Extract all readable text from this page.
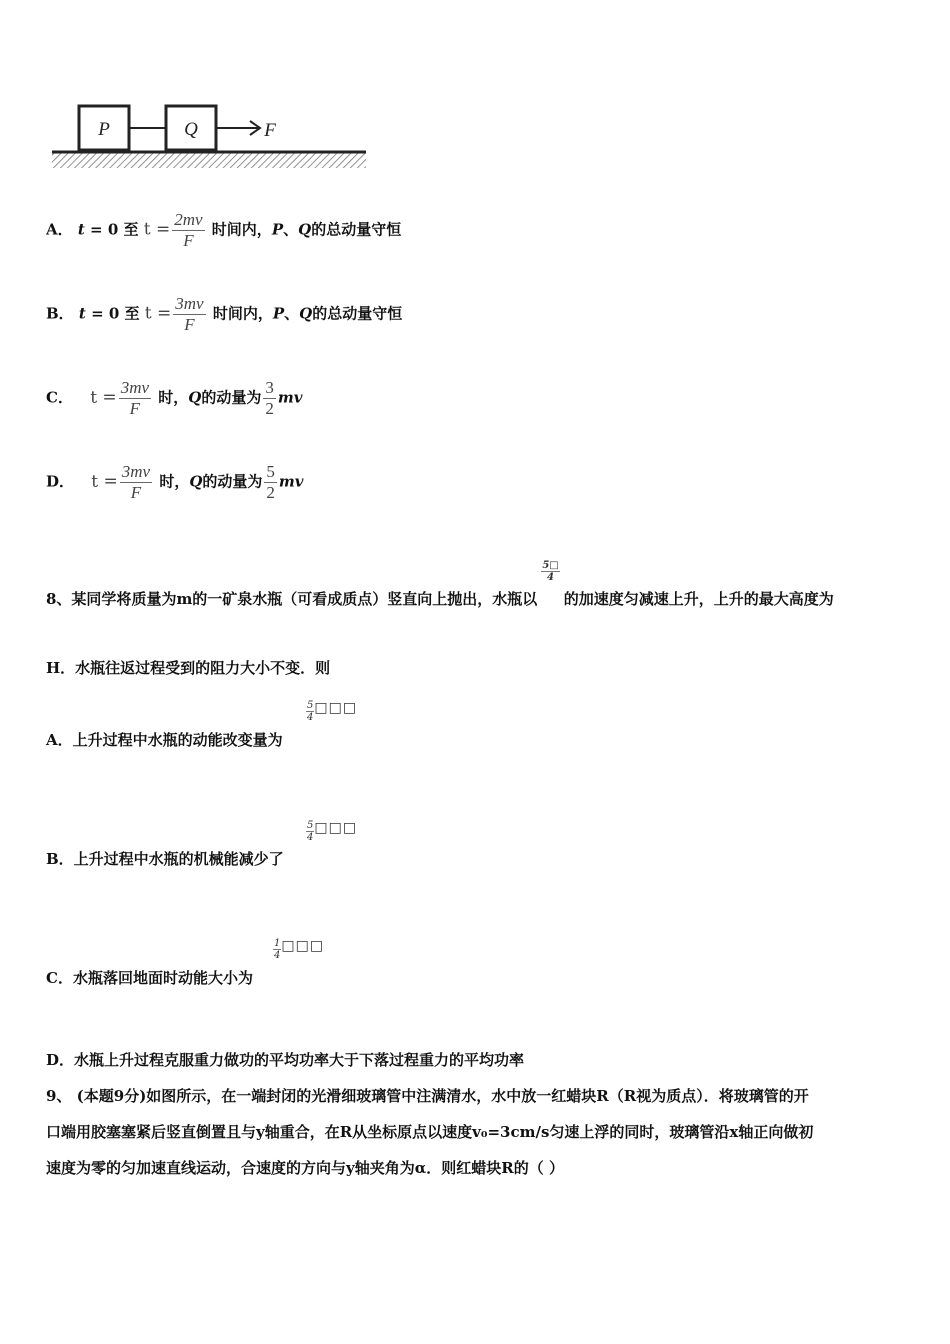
P	Q	F
A． t = 0 至 $t = \frac{2mv}{F}$ 时间内，P、Q的总动量守恒
B． t = 0 至 $t = \frac{3mv}{F}$ 时间内，P、Q的总动量守恒
C． $t = \frac{3mv}{F}$ 时，Q的动量为 $\frac{3}{2}$ mv
D． $t = \frac{3mv}{F}$ 时，Q的动量为 $\frac{5}{2}$ mv
8、某同学将质量为m的一矿泉水瓶（可看成质点）竖直向上抛出，水瓶以
$\frac{5□}{4}$
的加速度匀减速上升，上升的最大高度为
H．水瓶往返过程受到的阻力大小不变．则
$\frac{5}{4}$ □□□
A．上升过程中水瓶的动能改变量为
$\frac{5}{4}$ □□□
B．上升过程中水瓶的机械能减少了
$\frac{1}{4}$ □□□
C．水瓶落回地面时动能大小为
D．水瓶上升过程克服重力做功的平均功率大于下落过程重力的平均功率
9、 (本题9分)如图所示，在一端封闭的光滑细玻璃管中注满清水，水中放一红蜡块R（R视为质点）．将玻璃管的开
口端用胶塞塞紧后竖直倒置且与y轴重合，在R从坐标原点以速度v₀=3cm/s匀速上浮的同时，玻璃管沿x轴正向做初
速度为零的匀加速直线运动，合速度的方向与y轴夹角为α．则红蜡块R的（ ）
